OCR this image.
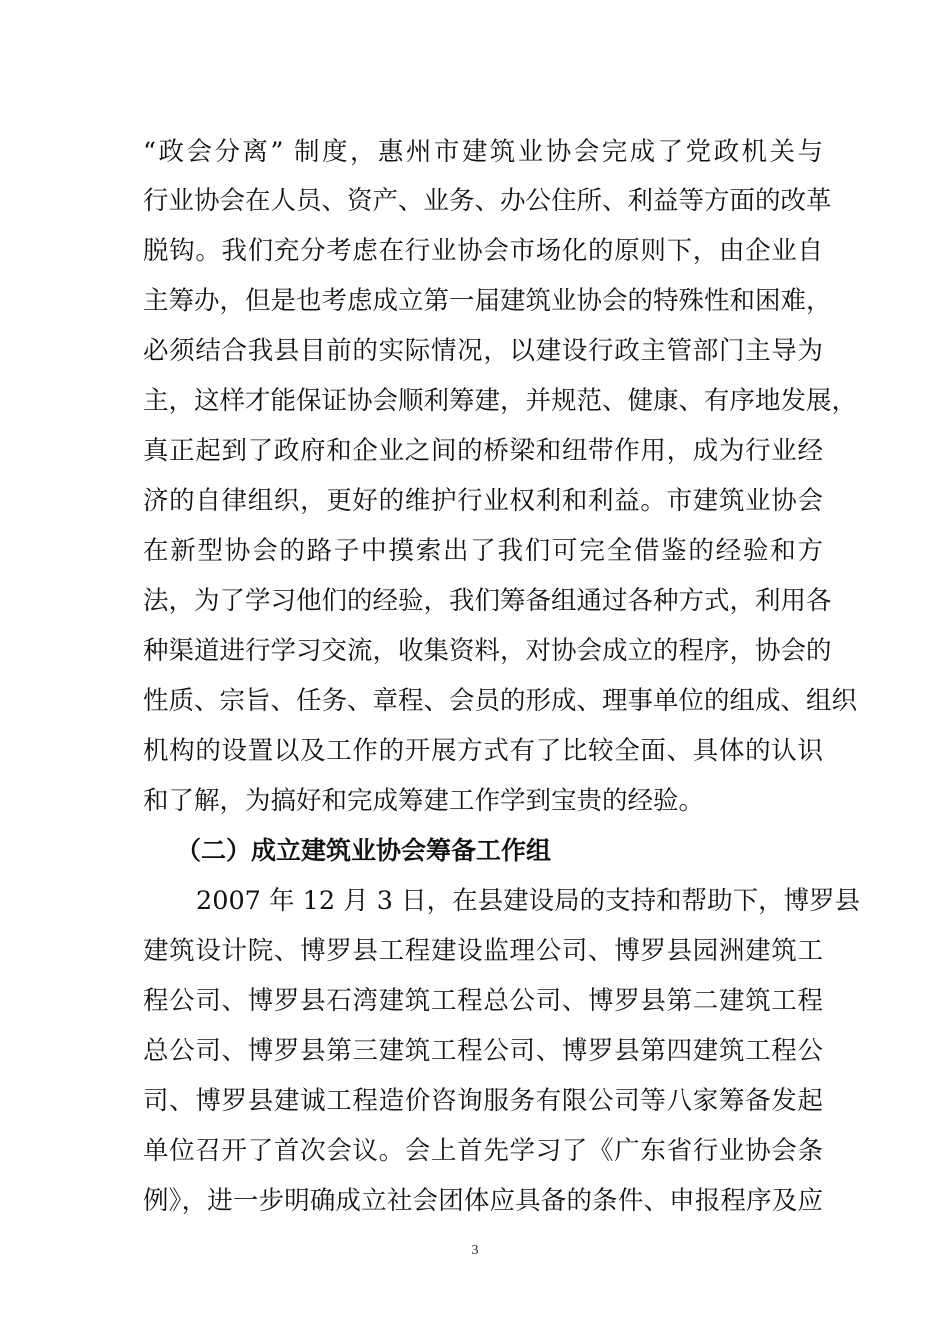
“政会分离” 制度，惠州市建筑业协会完成了党政机关与
行业协会在人员、资产、业务、办公住所、利益等方面的改革
脱钩。我们充分考虑在行业协会市场化的原则下，由企业自
主筹办，但是也考虑成立第一届建筑业协会的特殊性和困难，
必须结合我县目前的实际情况，以建设行政主管部门主导为
主，这样才能保证协会顺利筹建，并规范、健康、有序地发展，
真正起到了政府和企业之间的桥梁和纽带作用，成为行业经
济的自律组织，更好的维护行业权利和利益。市建筑业协会
在新型协会的路子中摸索出了我们可完全借鉴的经验和方
法，为了学习他们的经验，我们筹备组通过各种方式，利用各
种渠道进行学习交流，收集资料，对协会成立的程序，协会的
性质、宗旨、任务、章程、会员的形成、理事单位的组成、组织
机构的设置以及工作的开展方式有了比较全面、具体的认识
和了解，为搞好和完成筹建工作学到宝贵的经验。
（二）成立建筑业协会筹备工作组
2007 年 12 月 3 日，在县建设局的支持和帮助下，博罗县
建筑设计院、博罗县工程建设监理公司、博罗县园洲建筑工
程公司、博罗县石湾建筑工程总公司、博罗县第二建筑工程
总公司、博罗县第三建筑工程公司、博罗县第四建筑工程公
司、博罗县建诚工程造价咨询服务有限公司等八家筹备发起
单位召开了首次会议。会上首先学习了《广东省行业协会条
例》，进一步明确成立社会团体应具备的条件、申报程序及应
3
